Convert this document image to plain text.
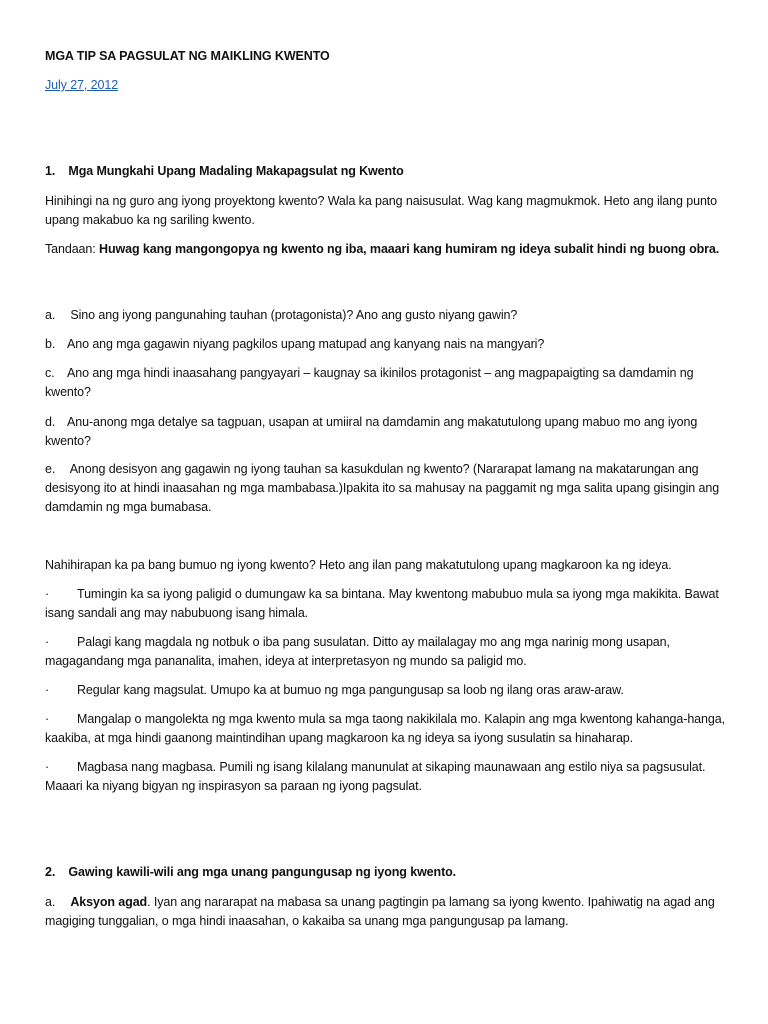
MGA TIP SA PAGSULAT NG MAIKLING KWENTO

July 27, 2012

1. Mga Mungkahi Upang Madaling Makapagsulat ng Kwento

Hinihingi na ng guro ang iyong proyektong kwento? Wala ka pang naisusulat. Wag kang magmukmok. Heto ang ilang punto upang makabuo ka ng sariling kwento.

Tandaan: Huwag kang mangongopya ng kwento ng iba, maaari kang humiram ng ideya subalit hindi ng buong obra.

a. Sino ang iyong pangunahing tauhan (protagonista)? Ano ang gusto niyang gawin?

b. Ano ang mga gagawin niyang pagkilos upang matupad ang kanyang nais na mangyari?

c. Ano ang mga hindi inaasahang pangyayari – kaugnay sa ikinilos protagonist – ang magpapaigting sa damdamin ng kwento?

d. Anu-anong mga detalye sa tagpuan, usapan at umiiral na damdamin ang makatutulong upang mabuo mo ang iyong kwento?

e. Anong desisyon ang gagawin ng iyong tauhan sa kasukdulan ng kwento? (Nararapat lamang na makatarungan ang desisyong ito at hindi inaasahan ng mga mambabasa.)Ipakita ito sa mahusay na paggamit ng mga salita upang gisingin ang damdamin ng mga bumabasa.

Nahihirapan ka pa bang bumuo ng iyong kwento? Heto ang ilan pang makatutulong upang magkaroon ka ng ideya.

· Tumingin ka sa iyong paligid o dumungaw ka sa bintana. May kwentong mabubuo mula sa iyong mga makikita. Bawat isang sandali ang may nabubuong isang himala.

· Palagi kang magdala ng notbuk o iba pang susulatan. Ditto ay mailalagay mo ang mga narinig mong usapan, magagandang mga pananalita, imahen, ideya at interpretasyon ng mundo sa paligid mo.

· Regular kang magsulat. Umupo ka at bumuo ng mga pangungusap sa loob ng ilang oras araw-araw.

· Mangalap o mangolekta ng mga kwento mula sa mga taong nakikilala mo. Kalapin ang mga kwentong kahanga-hanga, kaakiba, at mga hindi gaanong maintindihan upang magkaroon ka ng ideya sa iyong susulatin sa hinaharap.

· Magbasa nang magbasa. Pumili ng isang kilalang manunulat at sikaping maunawaan ang estilo niya sa pagsusulat. Maaari ka niyang bigyan ng inspirasyon sa paraan ng iyong pagsulat.

2. Gawing kawili-wili ang mga unang pangungusap ng iyong kwento.

a. Aksyon agad. Iyan ang nararapat na mabasa sa unang pagtingin pa lamang sa iyong kwento. Ipahiwatig na agad ang magiging tunggalian, o mga hindi inaasahan, o kakaiba sa unang mga pangungusap pa lamang.
